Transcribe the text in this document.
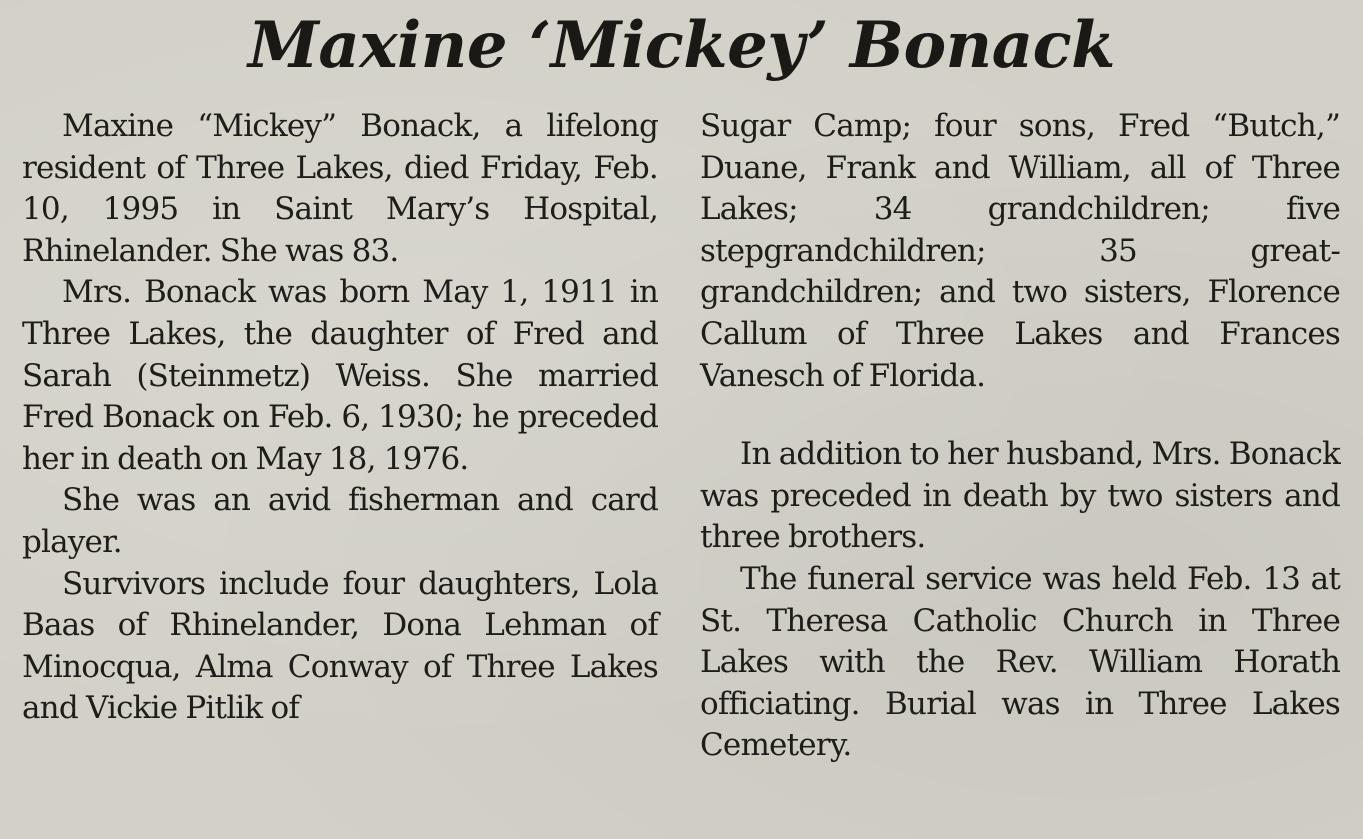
Maxine ‘Mickey’ Bonack

Maxine “Mickey” Bonack, a lifelong resident of Three Lakes, died Friday, Feb. 10, 1995 in Saint Mary’s Hospital, Rhinelander. She was 83.

Mrs. Bonack was born May 1, 1911 in Three Lakes, the daughter of Fred and Sarah (Steinmetz) Weiss. She married Fred Bonack on Feb. 6, 1930; he preceded her in death on May 18, 1976.

She was an avid fisherman and card player.

Survivors include four daughters, Lola Baas of Rhinelander, Dona Lehman of Minocqua, Alma Conway of Three Lakes and Vickie Pitlik of

Sugar Camp; four sons, Fred “Butch,” Duane, Frank and William, all of Three Lakes; 34 grandchildren; five stepgrandchildren; 35 great-grandchildren; and two sisters, Florence Callum of Three Lakes and Frances Vanesch of Florida.

In addition to her husband, Mrs. Bonack was preceded in death by two sisters and three brothers.

The funeral service was held Feb. 13 at St. Theresa Catholic Church in Three Lakes with the Rev. William Horath officiating. Burial was in Three Lakes Cemetery.
